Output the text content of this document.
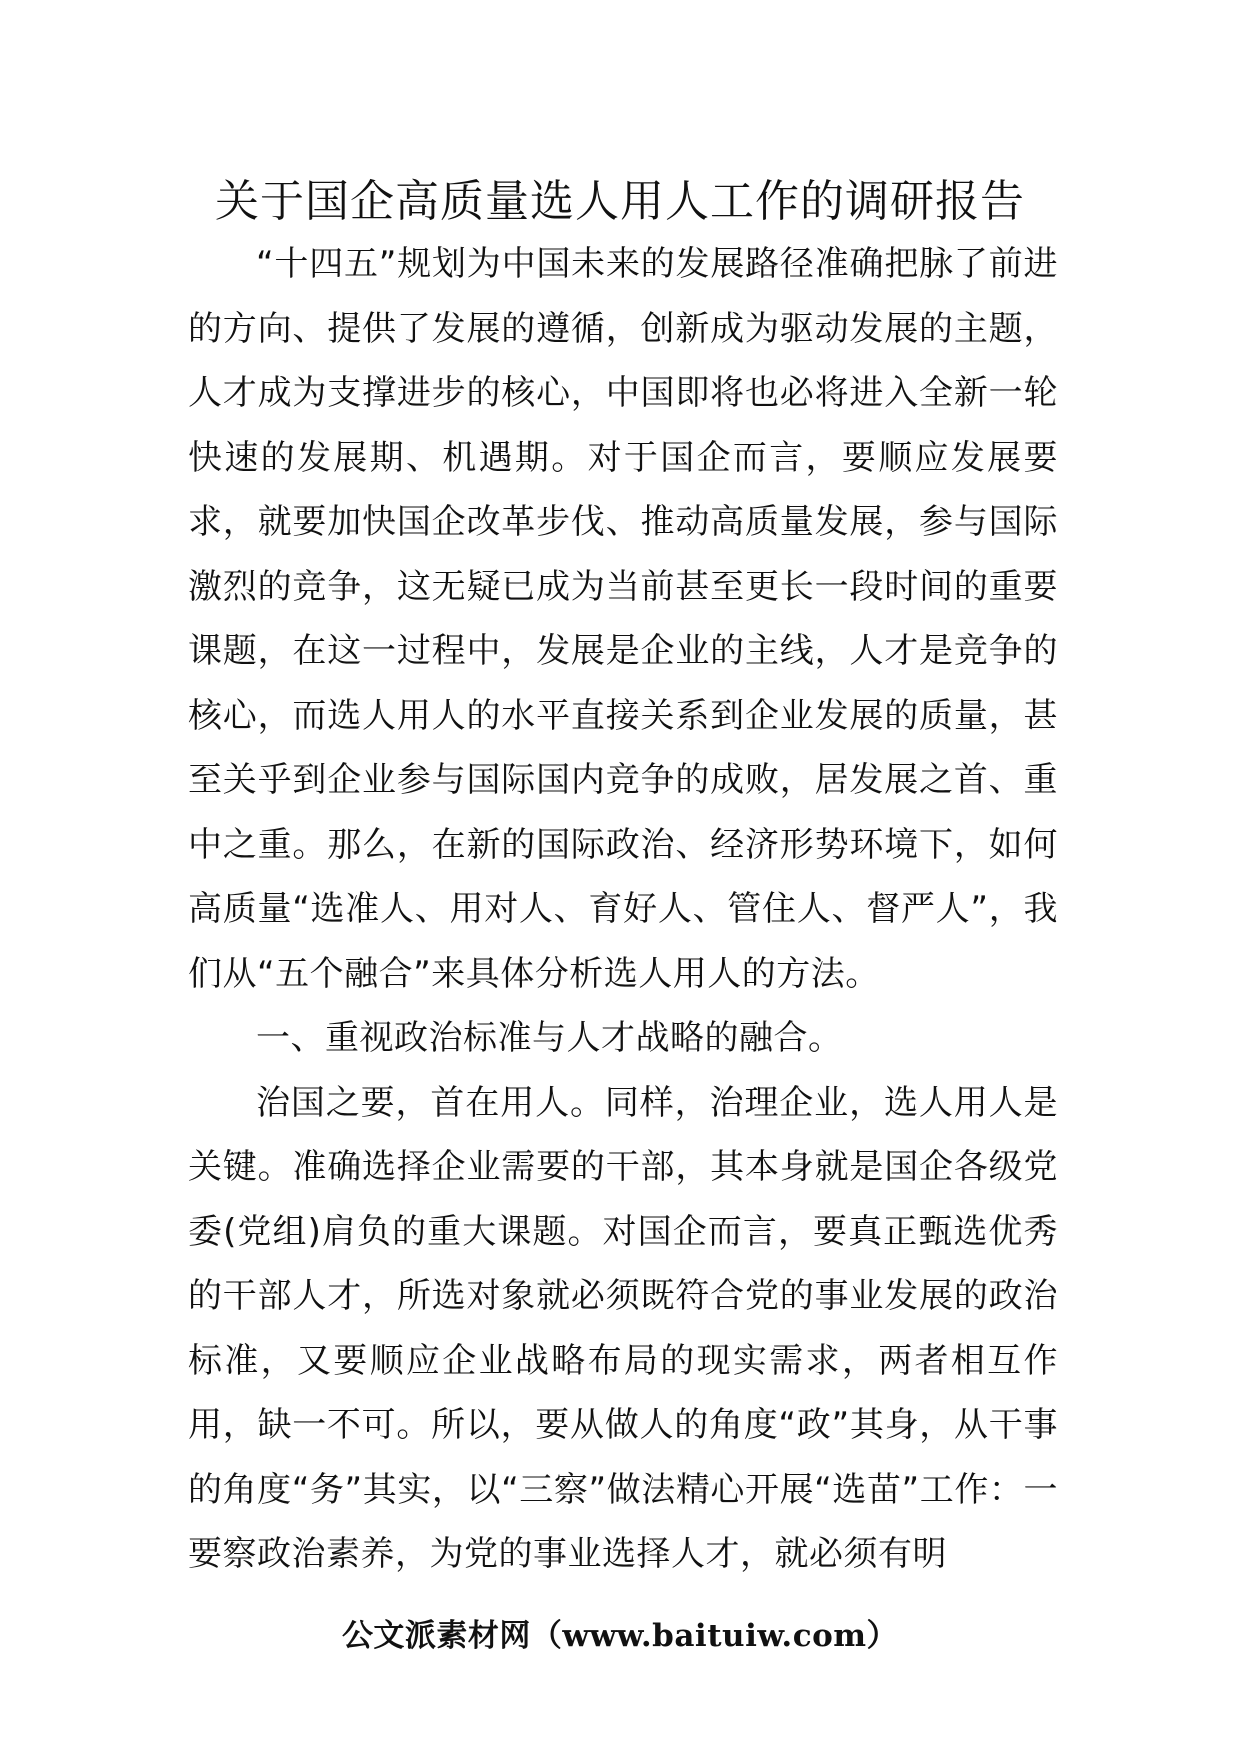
关于国企高质量选人用人工作的调研报告

“十四五”规划为中国未来的发展路径准确把脉了前进的方向、提供了发展的遵循，创新成为驱动发展的主题，人才成为支撑进步的核心，中国即将也必将进入全新一轮快速的发展期、机遇期。对于国企而言，要顺应发展要求，就要加快国企改革步伐、推动高质量发展，参与国际激烈的竞争，这无疑已成为当前甚至更长一段时间的重要课题，在这一过程中，发展是企业的主线，人才是竞争的核心，而选人用人的水平直接关系到企业发展的质量，甚至关乎到企业参与国际国内竞争的成败，居发展之首、重中之重。那么，在新的国际政治、经济形势环境下，如何高质量“选准人、用对人、育好人、管住人、督严人”，我们从“五个融合”来具体分析选人用人的方法。

一、重视政治标准与人才战略的融合。

治国之要，首在用人。同样，治理企业，选人用人是关键。准确选择企业需要的干部，其本身就是国企各级党委(党组)肩负的重大课题。对国企而言，要真正甄选优秀的干部人才，所选对象就必须既符合党的事业发展的政治标准，又要顺应企业战略布局的现实需求，两者相互作用，缺一不可。所以，要从做人的角度“政”其身，从干事的角度“务”其实，以“三察”做法精心开展“选苗”工作：一要察政治素养，为党的事业选择人才，就必须有明

公文派素材网（www.baituiw.com）
